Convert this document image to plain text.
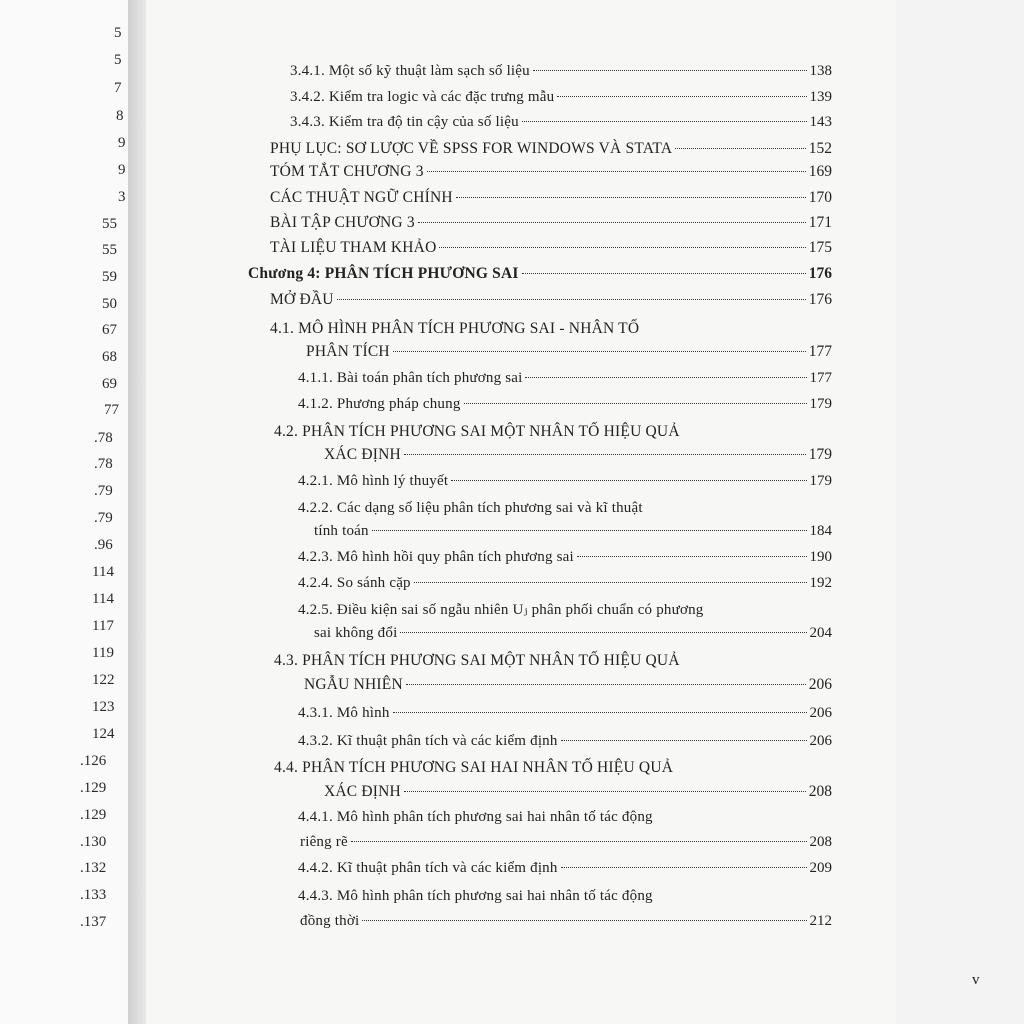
5
5
7
8
9
9
3
55
55
59
50
67
68
69
77
.78
.78
.79
.79
.96
114
114
117
119
122
123
124
.126
.129
.129
.130
.132
.133
.137
v
3.4.1. Một số kỹ thuật làm sạch số liệu	138
3.4.2. Kiểm tra logic và các đặc trưng mẫu	139
3.4.3. Kiểm tra độ tin cậy của số liệu	143
PHỤ LỤC: SƠ LƯỢC VỀ SPSS FOR WINDOWS VÀ STATA	152
TÓM TẮT CHƯƠNG 3	169
CÁC THUẬT NGỮ CHÍNH	170
BÀI TẬP CHƯƠNG 3	171
TÀI LIỆU THAM KHẢO	175
Chương 4: PHÂN TÍCH PHƯƠNG SAI	176
MỞ ĐẦU	176
4.1. MÔ HÌNH PHÂN TÍCH PHƯƠNG SAI - NHÂN TỐ
PHÂN TÍCH	177
4.1.1. Bài toán phân tích phương sai	177
4.1.2. Phương pháp chung	179
4.2. PHÂN TÍCH PHƯƠNG SAI MỘT NHÂN TỐ HIỆU QUẢ
XÁC ĐỊNH	179
4.2.1. Mô hình lý thuyết	179
4.2.2. Các dạng số liệu phân tích phương sai và kĩ thuật
tính toán	184
4.2.3. Mô hình hồi quy phân tích phương sai	190
4.2.4. So sánh cặp	192
4.2.5. Điều kiện sai số ngẫu nhiên Uⱼ phân phối chuẩn có phương
sai không đổi	204
4.3. PHÂN TÍCH PHƯƠNG SAI MỘT NHÂN TỐ HIỆU QUẢ
NGẪU NHIÊN	206
4.3.1. Mô hình	206
4.3.2. Kĩ thuật phân tích và các kiểm định	206
4.4. PHÂN TÍCH PHƯƠNG SAI HAI NHÂN TỐ HIỆU QUẢ
XÁC ĐỊNH	208
4.4.1. Mô hình phân tích phương sai hai nhân tố tác động
riêng rẽ	208
4.4.2. Kĩ thuật phân tích và các kiểm định	209
4.4.3. Mô hình phân tích phương sai hai nhân tố tác động
đồng thời	212
